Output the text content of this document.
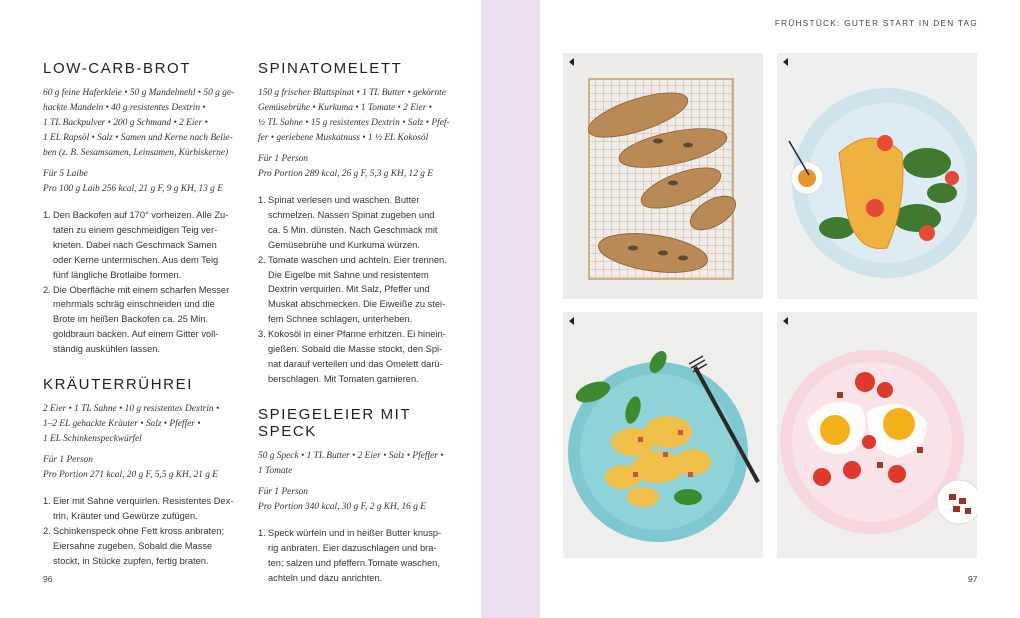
LOW-CARB-BROT
60 g feine Haferkleie • 50 g Mandelmehl • 50 g ge-
hackte Mandeln • 40 g resistentes Dextrin •
1 TL Backpulver • 200 g Schmand • 2 Eier •
1 EL Rapsöl • Salz • Samen und Kerne nach Belie-
ben (z. B. Sesamsamen, Leinsamen, Kürbiskerne)
Für 5 Laibe
Pro 100 g Laib 256 kcal, 21 g F, 9 g KH, 13 g E
1. Den Backofen auf 170° vorheizen. Alle Zu-
taten zu einem geschmeidigen Teig ver-
kneten. Dabei nach Geschmack Samen
oder Kerne untermischen. Aus dem Teig
fünf längliche Brotlaibe formen.
2. Die Oberfläche mit einem scharfen Messer
mehrmals schräg einschneiden und die
Brote im heißen Backofen ca. 25 Min.
goldbraun backen. Auf einem Gitter voll-
ständig auskühlen lassen.
KRÄUTERRÜHREI
2 Eier • 1 TL Sahne • 10 g resistentes Dextrin •
1–2 EL gehackte Kräuter • Salz • Pfeffer •
1 EL Schinkenspeckwürfel
Für 1 Person
Pro Portion 271 kcal, 20 g F, 5,5 g KH, 21 g E
1. Eier mit Sahne verquirlen. Resistentes Dex-
trin, Kräuter und Gewürze zufügen.
2. Schinkenspeck ohne Fett kross anbraten;
Eiersahne zugeben. Sobald die Masse
stockt, in Stücke zupfen, fertig braten.
SPINATOMELETT
150 g frischer Blattspinat • 1 TL Butter • gekörnte
Gemüsebrühe • Kurkuma • 1 Tomate • 2 Eier •
½ TL Sahne • 15 g resistentes Dextrin • Salz • Pfef-
fer • geriebene Muskatnuss • 1 ½ EL Kokosöl
Für 1 Person
Pro Portion 289 kcal, 26 g F, 5,3 g KH, 12 g E
1. Spinat verlesen und waschen. Butter
schmelzen. Nassen Spinat zugeben und
ca. 5 Min. dünsten. Nach Geschmack mit
Gemüsebrühe und Kurkuma würzen.
2. Tomate waschen und achteln. Eier trennen.
Die Eigelbe mit Sahne und resistentem
Dextrin verquirlen. Mit Salz, Pfeffer und
Muskat abschmecken. Die Eiweiße zu stei-
fem Schnee schlagen, unterheben.
3. Kokosöl in einer Pfanne erhitzen. Ei hinein-
gießen. Sobald die Masse stockt, den Spi-
nat darauf verteilen und das Omelett darü-
berschlagen. Mit Tomaten garnieren.
SPIEGELEIER MIT SPECK
50 g Speck • 1 TL Butter • 2 Eier • Salz • Pfeffer •
1 Tomate
Für 1 Person
Pro Portion 340 kcal, 30 g F, 2 g KH, 16 g E
1. Speck würfeln und in heißer Butter knusp-
rig anbraten. Eier dazuschlagen und bra-
ten; salzen und pfeffern.Tomate waschen,
achteln und dazu anrichten.
FRÜHSTÜCK: GUTER START IN DEN TAG
96	97
